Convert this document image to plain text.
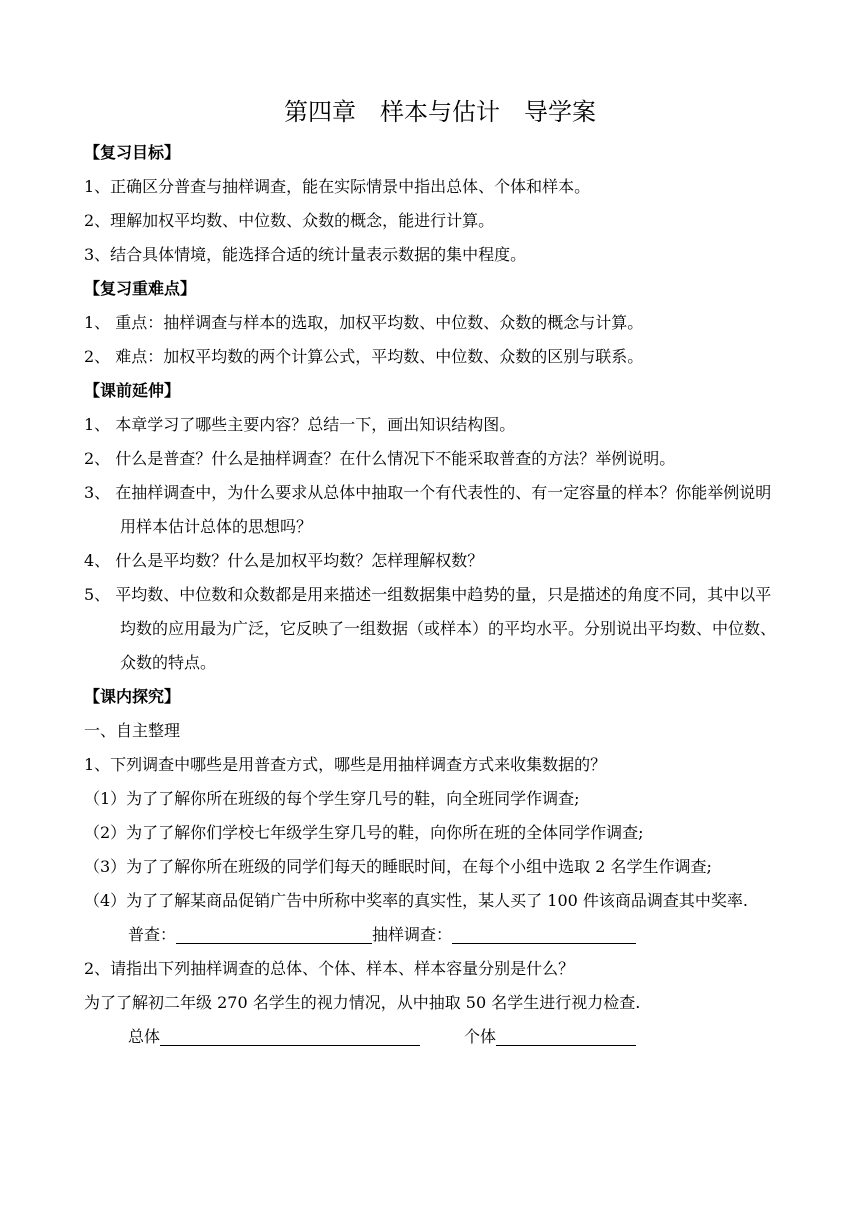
第四章　样本与估计　导学案
【复习目标】
1、正确区分普查与抽样调查，能在实际情景中指出总体、个体和样本。
2、理解加权平均数、中位数、众数的概念，能进行计算。
3、结合具体情境，能选择合适的统计量表示数据的集中程度。
【复习重难点】
1、 重点：抽样调查与样本的选取，加权平均数、中位数、众数的概念与计算。
2、 难点：加权平均数的两个计算公式，平均数、中位数、众数的区别与联系。
【课前延伸】
1、 本章学习了哪些主要内容？总结一下，画出知识结构图。
2、 什么是普查？什么是抽样调查？在什么情况下不能采取普查的方法？举例说明。
3、 在抽样调查中，为什么要求从总体中抽取一个有代表性的、有一定容量的样本？你能举例说明用样本估计总体的思想吗？
4、 什么是平均数？什么是加权平均数？怎样理解权数？
5、 平均数、中位数和众数都是用来描述一组数据集中趋势的量，只是描述的角度不同，其中以平均数的应用最为广泛，它反映了一组数据（或样本）的平均水平。分别说出平均数、中位数、众数的特点。
【课内探究】
一、自主整理
1、下列调查中哪些是用普查方式，哪些是用抽样调查方式来收集数据的？
（1）为了了解你所在班级的每个学生穿几号的鞋，向全班同学作调查;
（2）为了了解你们学校七年级学生穿几号的鞋，向你所在班的全体同学作调查;
（3）为了了解你所在班级的同学们每天的睡眠时间，在每个小组中选取 2 名学生作调查;
（4）为了了解某商品促销广告中所称中奖率的真实性，某人买了 100 件该商品调查其中奖率.
普查：	抽样调查：
2、请指出下列抽样调查的总体、个体、样本、样本容量分别是什么？
为了了解初二年级 270 名学生的视力情况，从中抽取 50 名学生进行视力检查.
总体	个体
